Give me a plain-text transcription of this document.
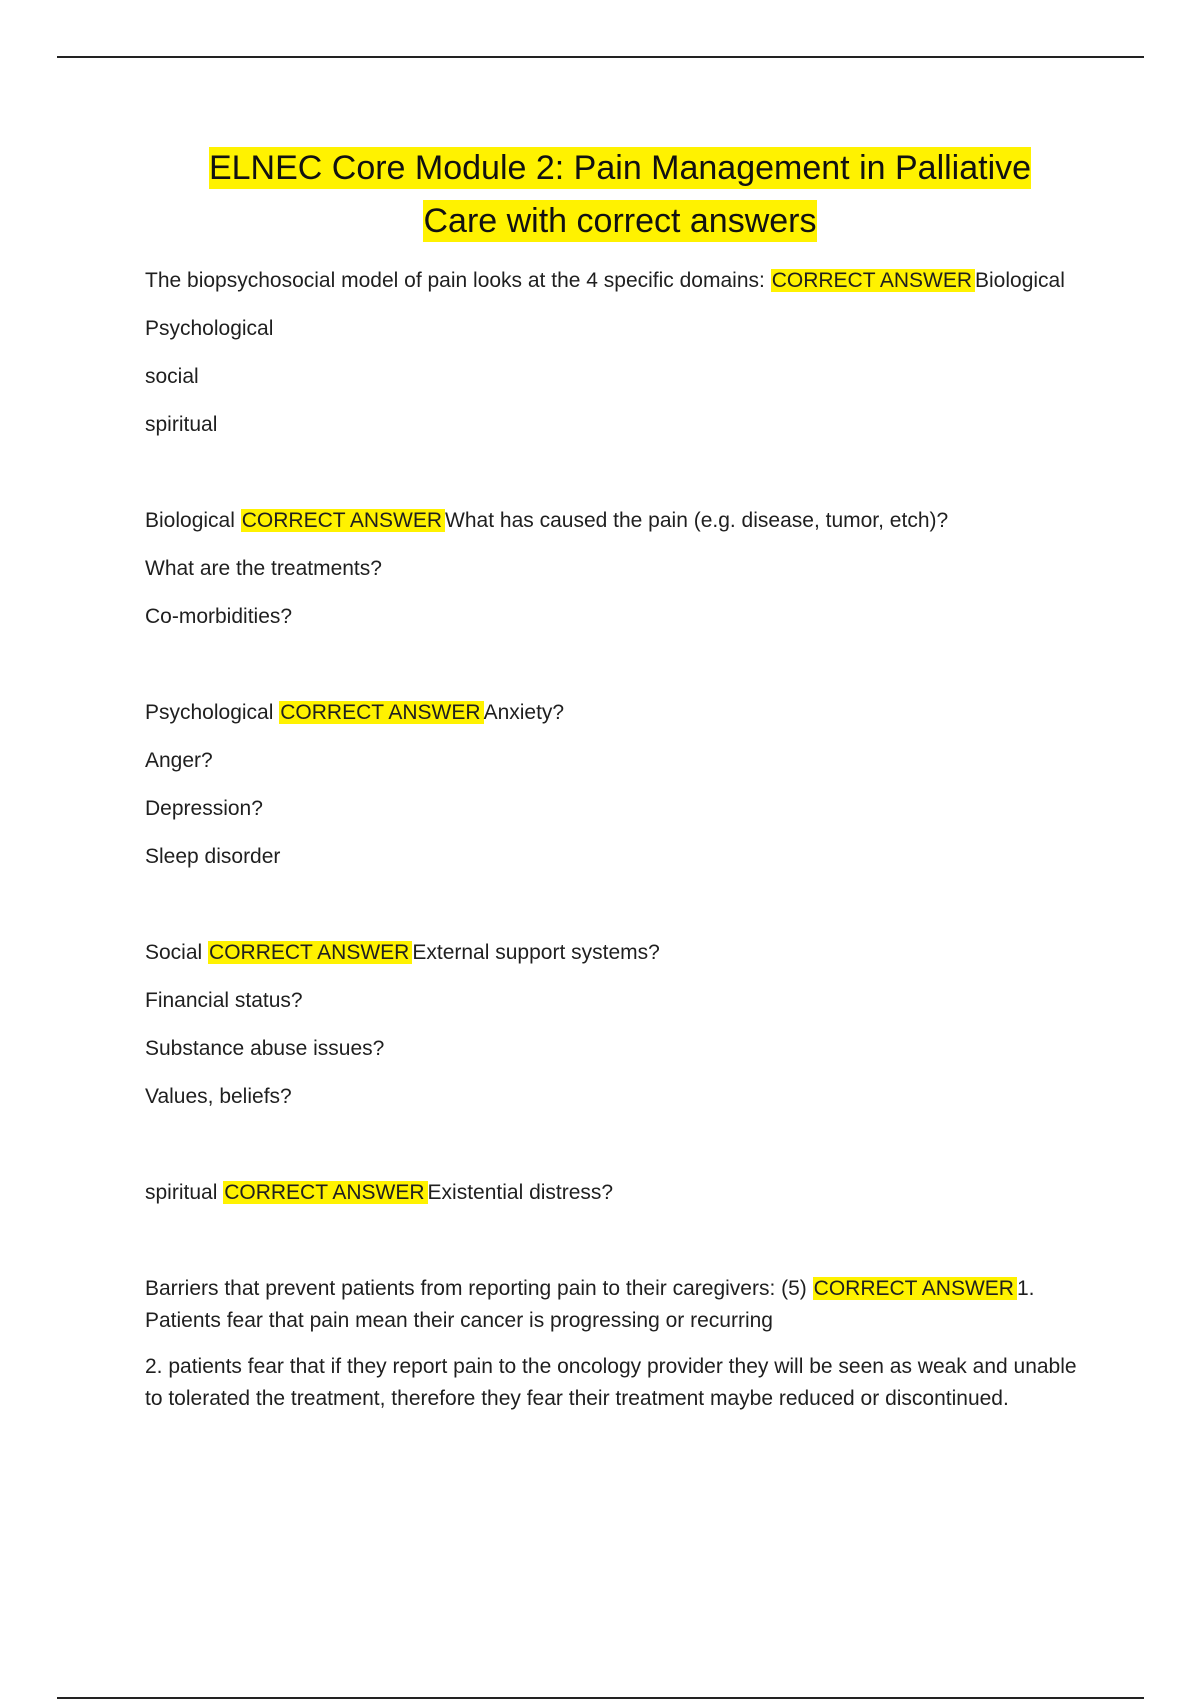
ELNEC Core Module 2: Pain Management in Palliative
Care with correct answers

The biopsychosocial model of pain looks at the 4 specific domains: CORRECT ANSWER Biological

Psychological

social

spiritual

Biological CORRECT ANSWER What has caused the pain (e.g. disease, tumor, etch)?

What are the treatments?

Co-morbidities?

Psychological CORRECT ANSWER Anxiety?

Anger?

Depression?

Sleep disorder

Social CORRECT ANSWER External support systems?

Financial status?

Substance abuse issues?

Values, beliefs?

spiritual CORRECT ANSWER Existential distress?

Barriers that prevent patients from reporting pain to their caregivers: (5) CORRECT ANSWER 1. Patients fear that pain mean their cancer is progressing or recurring

2. patients fear that if they report pain to the oncology provider they will be seen as weak and unable to tolerated the treatment, therefore they fear their treatment maybe reduced or discontinued.
